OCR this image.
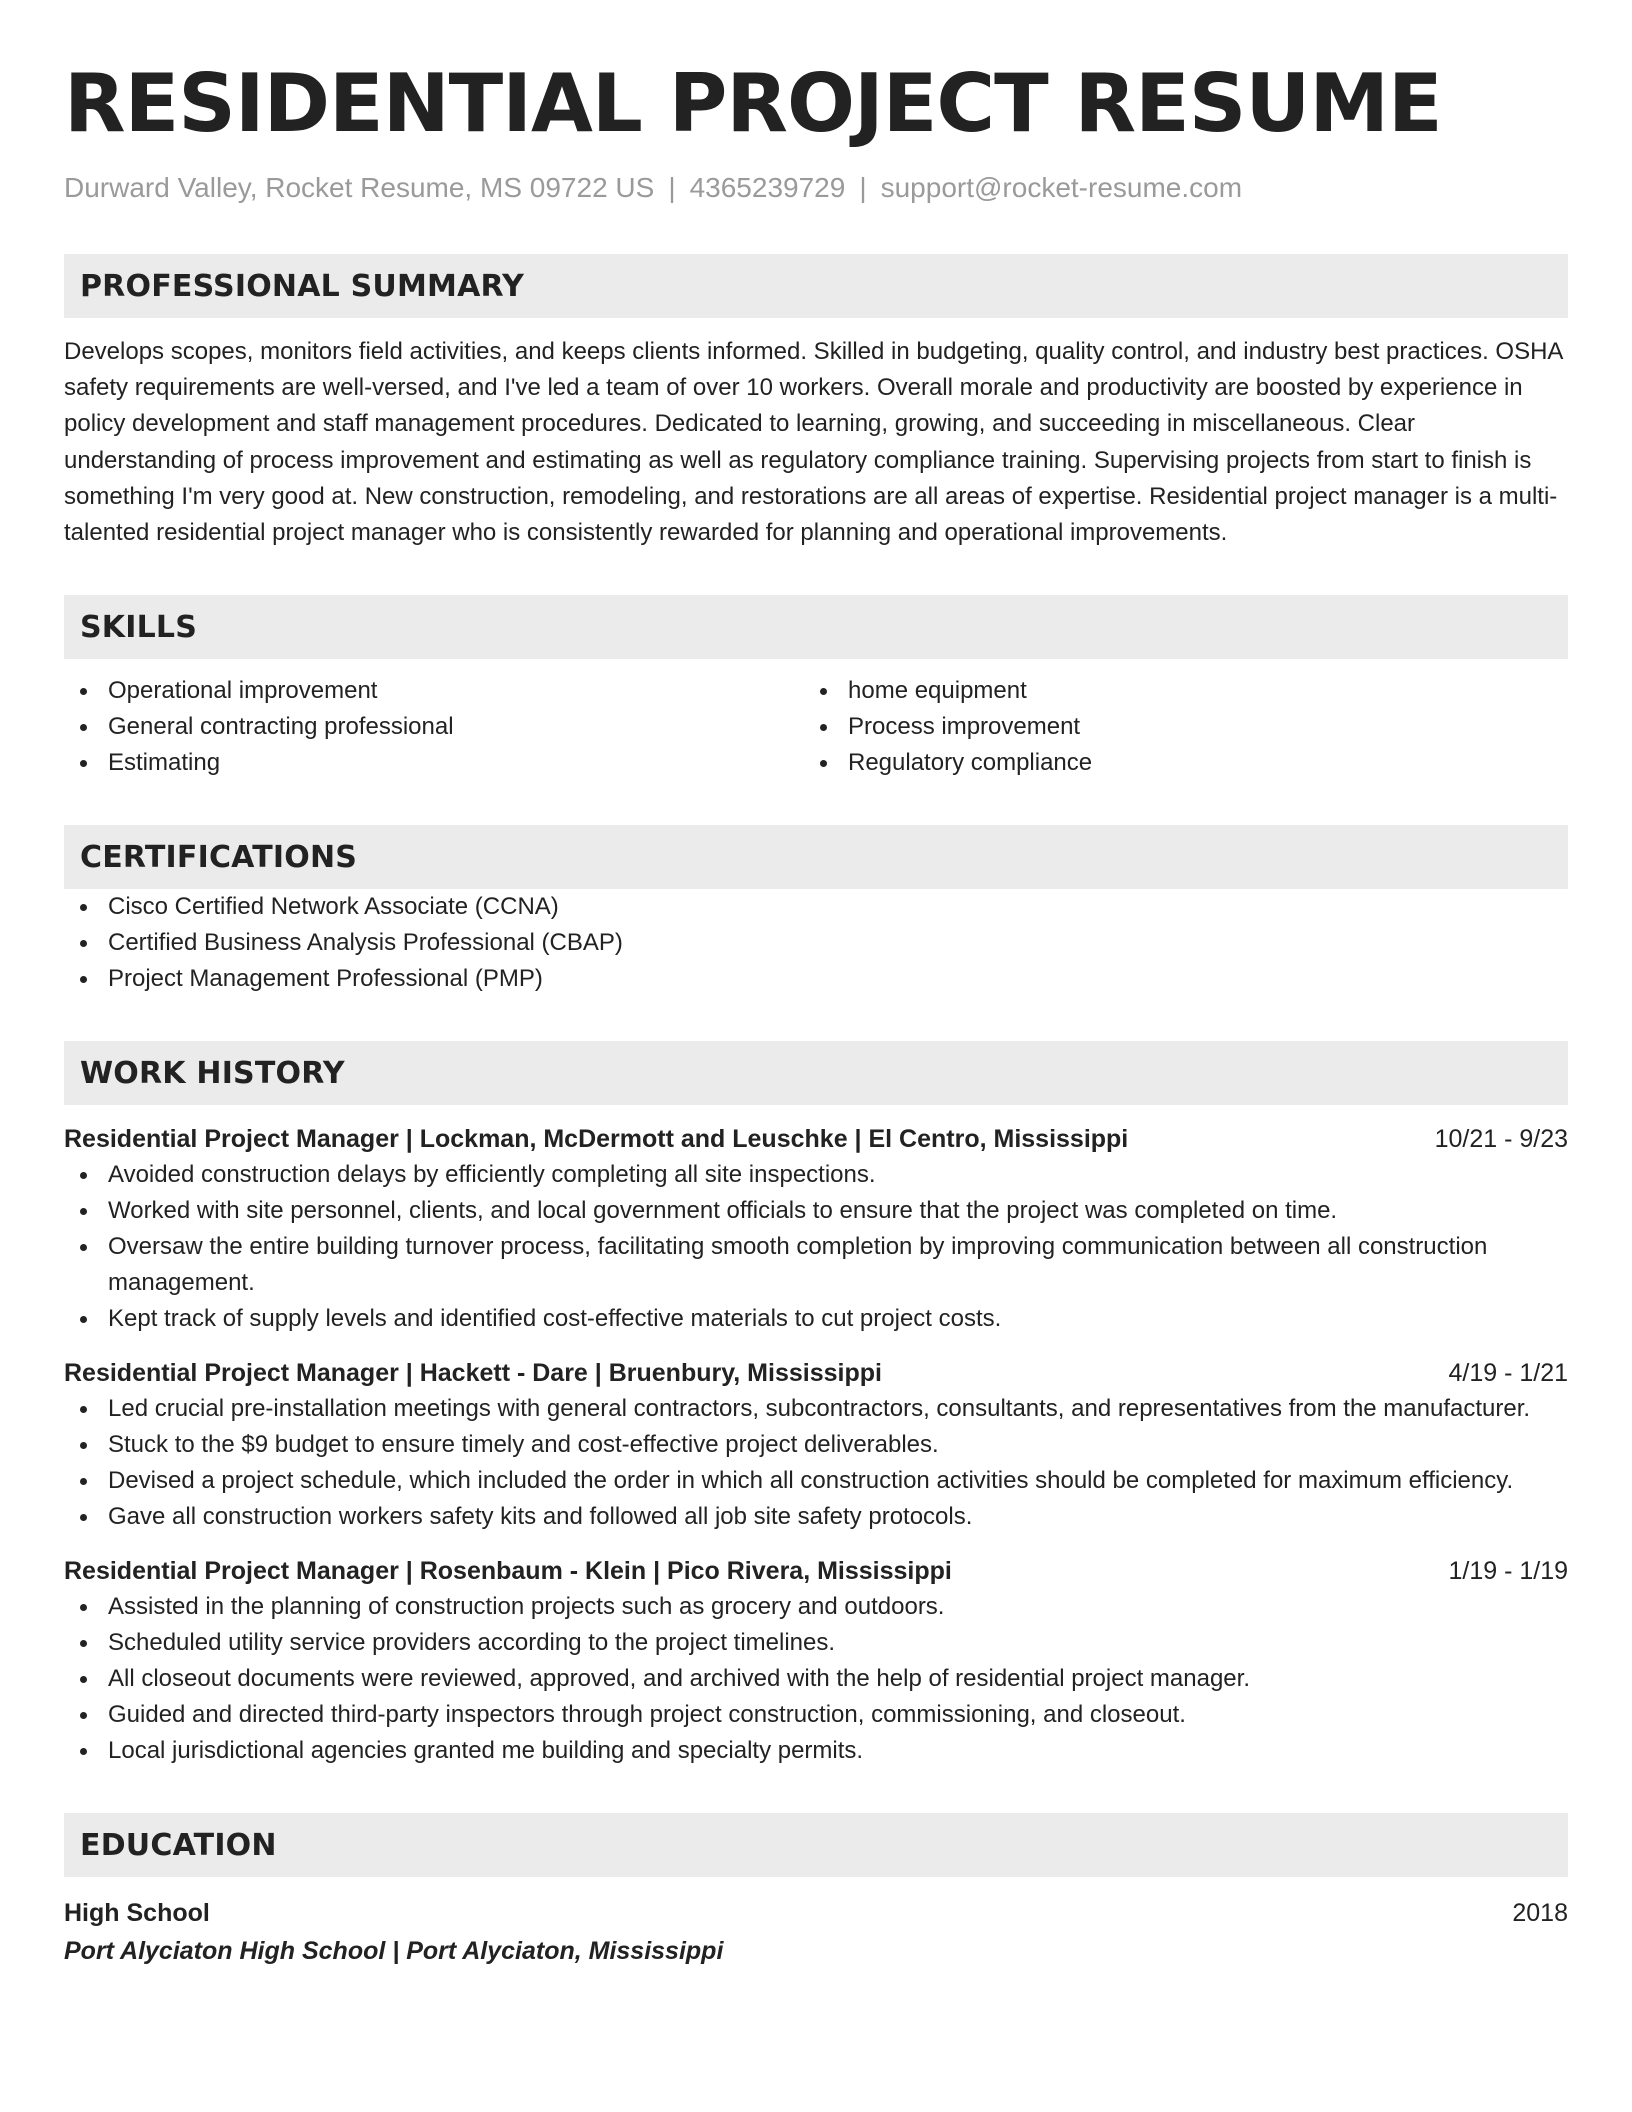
RESIDENTIAL PROJECT RESUME
Durward Valley, Rocket Resume, MS 09722 US | 4365239729 | support@rocket-resume.com
PROFESSIONAL SUMMARY
Develops scopes, monitors field activities, and keeps clients informed. Skilled in budgeting, quality control, and industry best practices. OSHA safety requirements are well-versed, and I've led a team of over 10 workers. Overall morale and productivity are boosted by experience in policy development and staff management procedures. Dedicated to learning, growing, and succeeding in miscellaneous. Clear understanding of process improvement and estimating as well as regulatory compliance training. Supervising projects from start to finish is something I'm very good at. New construction, remodeling, and restorations are all areas of expertise. Residential project manager is a multi-talented residential project manager who is consistently rewarded for planning and operational improvements.
SKILLS
Operational improvement
General contracting professional
Estimating
home equipment
Process improvement
Regulatory compliance
CERTIFICATIONS
Cisco Certified Network Associate (CCNA)
Certified Business Analysis Professional (CBAP)
Project Management Professional (PMP)
WORK HISTORY
Residential Project Manager | Lockman, McDermott and Leuschke | El Centro, Mississippi	10/21 - 9/23
Avoided construction delays by efficiently completing all site inspections.
Worked with site personnel, clients, and local government officials to ensure that the project was completed on time.
Oversaw the entire building turnover process, facilitating smooth completion by improving communication between all construction management.
Kept track of supply levels and identified cost-effective materials to cut project costs.
Residential Project Manager | Hackett - Dare | Bruenbury, Mississippi	4/19 - 1/21
Led crucial pre-installation meetings with general contractors, subcontractors, consultants, and representatives from the manufacturer.
Stuck to the $9 budget to ensure timely and cost-effective project deliverables.
Devised a project schedule, which included the order in which all construction activities should be completed for maximum efficiency.
Gave all construction workers safety kits and followed all job site safety protocols.
Residential Project Manager | Rosenbaum - Klein | Pico Rivera, Mississippi	1/19 - 1/19
Assisted in the planning of construction projects such as grocery and outdoors.
Scheduled utility service providers according to the project timelines.
All closeout documents were reviewed, approved, and archived with the help of residential project manager.
Guided and directed third-party inspectors through project construction, commissioning, and closeout.
Local jurisdictional agencies granted me building and specialty permits.
EDUCATION
High School	2018
Port Alyciaton High School | Port Alyciaton, Mississippi
